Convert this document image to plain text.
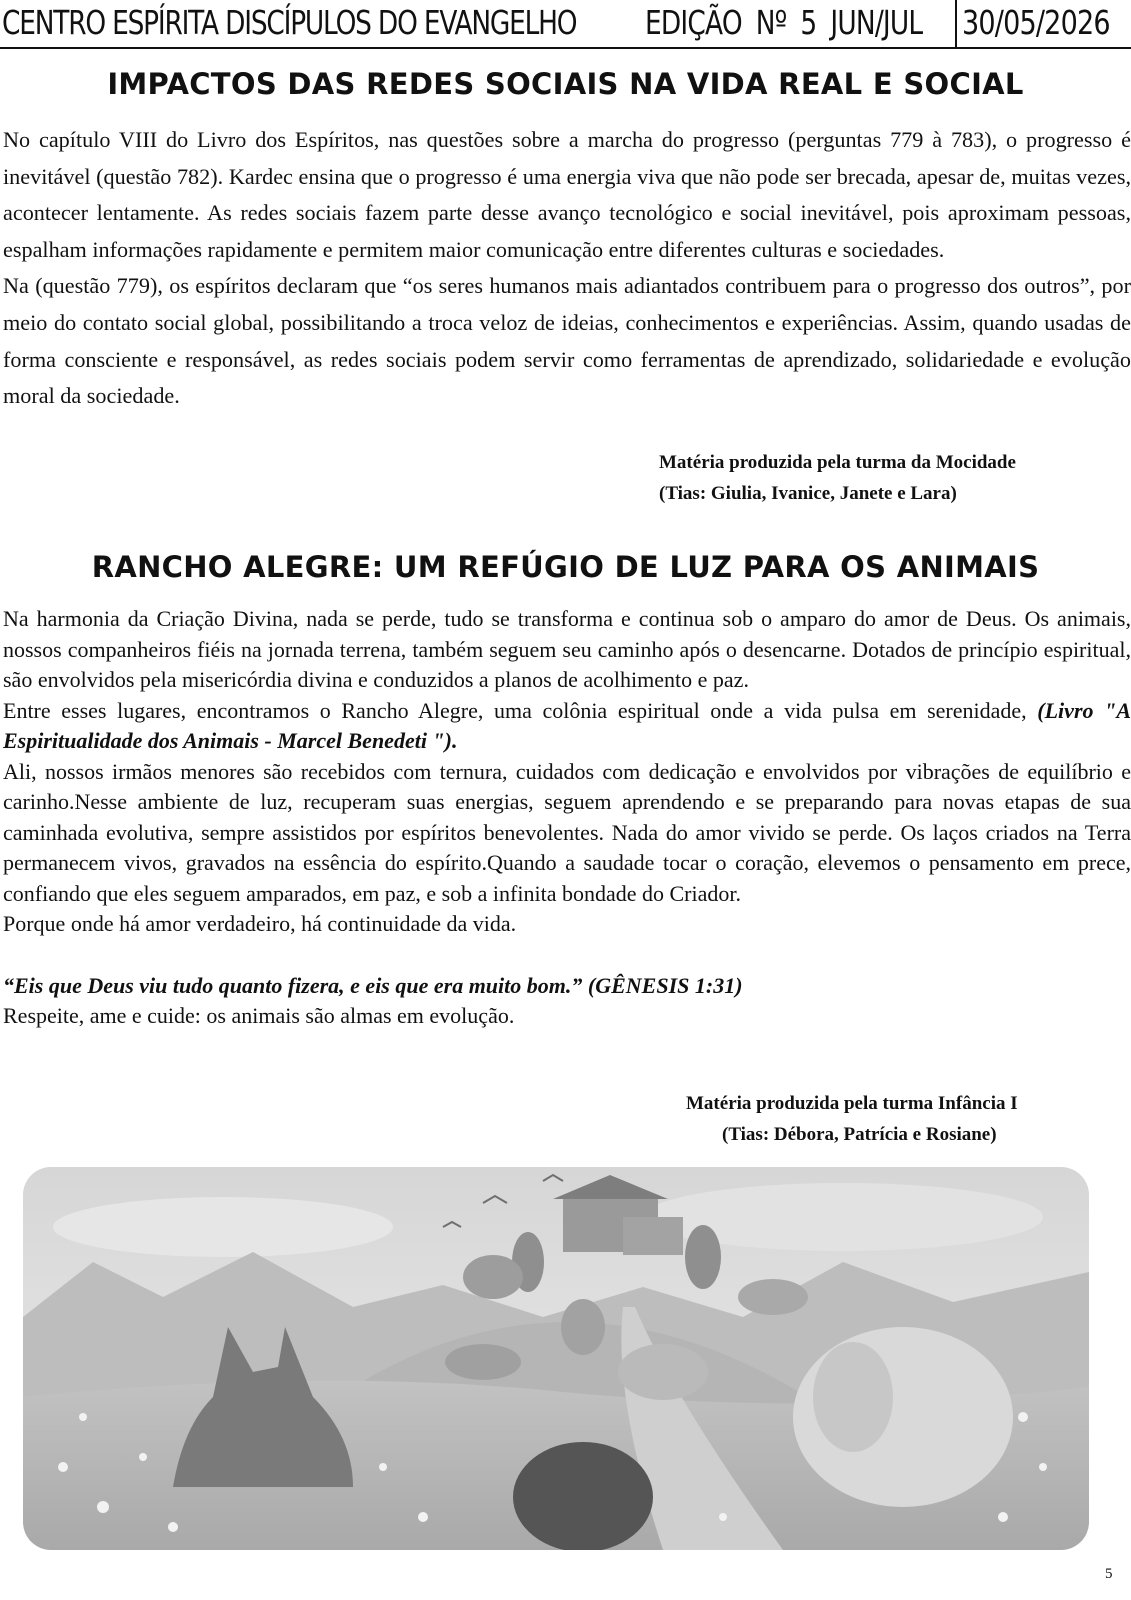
CENTRO ESPÍRITA DISCÍPULOS DO EVANGELHO EDIÇÃO Nº 5 JUN/JUL 30/05/2026
IMPACTOS DAS REDES SOCIAIS NA VIDA REAL E SOCIAL

No capítulo VIII do Livro dos Espíritos, nas questões sobre a marcha do progresso (perguntas 779 à 783), o progresso é inevitável (questão 782). Kardec ensina que o progresso é uma energia viva que não pode ser brecada, apesar de, muitas vezes, acontecer lentamente. As redes sociais fazem parte desse avanço tecnológico e social inevitável, pois aproximam pessoas, espalham informações rapidamente e permitem maior comunicação entre diferentes culturas e sociedades.

Na (questão 779), os espíritos declaram que “os seres humanos mais adiantados contribuem para o progresso dos outros”, por meio do contato social global, possibilitando a troca veloz de ideias, conhecimentos e experiências. Assim, quando usadas de forma consciente e responsável, as redes sociais podem servir como ferramentas de aprendizado, solidariedade e evolução moral da sociedade.

Matéria produzida pela turma da Mocidade
(Tias: Giulia, Ivanice, Janete e Lara)
RANCHO ALEGRE: UM REFÚGIO DE LUZ PARA OS ANIMAIS

Na harmonia da Criação Divina, nada se perde, tudo se transforma e continua sob o amparo do amor de Deus. Os animais, nossos companheiros fiéis na jornada terrena, também seguem seu caminho após o desencarne. Dotados de princípio espiritual, são envolvidos pela misericórdia divina e conduzidos a planos de acolhimento e paz.

Entre esses lugares, encontramos o Rancho Alegre, uma colônia espiritual onde a vida pulsa em serenidade, (Livro "A Espiritualidade dos Animais - Marcel Benedeti ").

Ali, nossos irmãos menores são recebidos com ternura, cuidados com dedicação e envolvidos por vibrações de equilíbrio e carinho.Nesse ambiente de luz, recuperam suas energias, seguem aprendendo e se preparando para novas etapas de sua caminhada evolutiva, sempre assistidos por espíritos benevolentes. Nada do amor vivido se perde. Os laços criados na Terra permanecem vivos, gravados na essência do espírito.Quando a saudade tocar o coração, elevemos o pensamento em prece, confiando que eles seguem amparados, em paz, e sob a infinita bondade do Criador.

Porque onde há amor verdadeiro, há continuidade da vida.

“Eis que Deus viu tudo quanto fizera, e eis que era muito bom.” (GÊNESIS 1:31)

Respeite, ame e cuide: os animais são almas em evolução.

Matéria produzida pela turma Infância I
(Tias: Débora, Patrícia e Rosiane)
5
